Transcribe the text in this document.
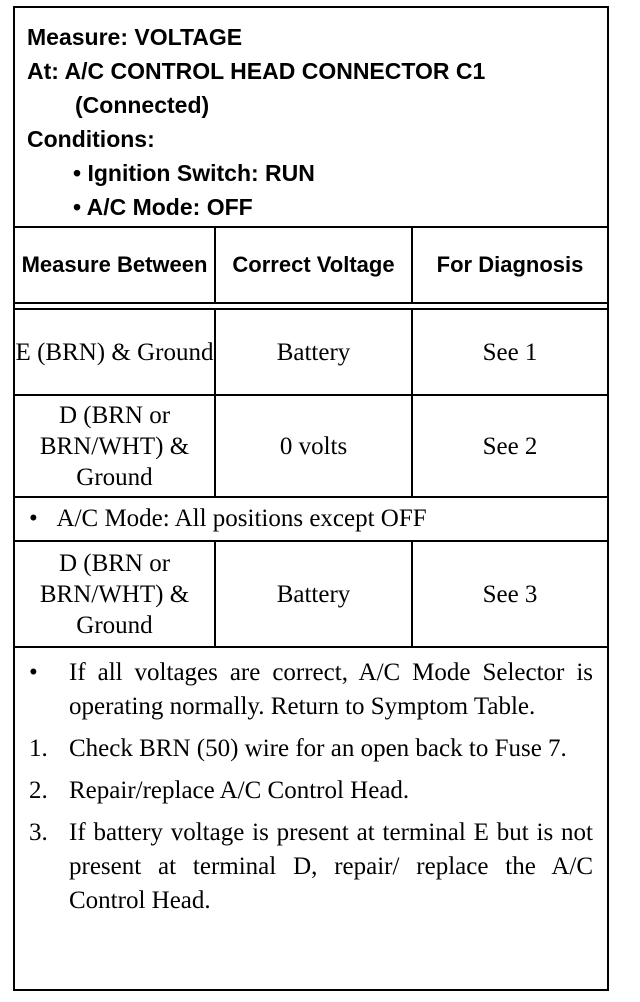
Measure: VOLTAGE
At: A/C CONTROL HEAD CONNECTOR C1
(Connected)
Conditions:
• Ignition Switch: RUN
• A/C Mode: OFF
Measure Between	Correct Voltage	For Diagnosis

E (BRN) & Ground	Battery	See 1
D (BRN or BRN/WHT) & Ground	0 volts	See 2
•   A/C Mode: All positions except OFF		
D (BRN or BRN/WHT) & Ground	Battery	See 3
•	If all voltages are correct, A/C Mode Selector is operating normally. Return to Symptom Table.
1. Check BRN (50) wire for an open back to Fuse 7.
2. Repair/replace A/C Control Head.
3. If battery voltage is present at terminal E but is not present at terminal D, repair/ replace the A/C Control Head.
